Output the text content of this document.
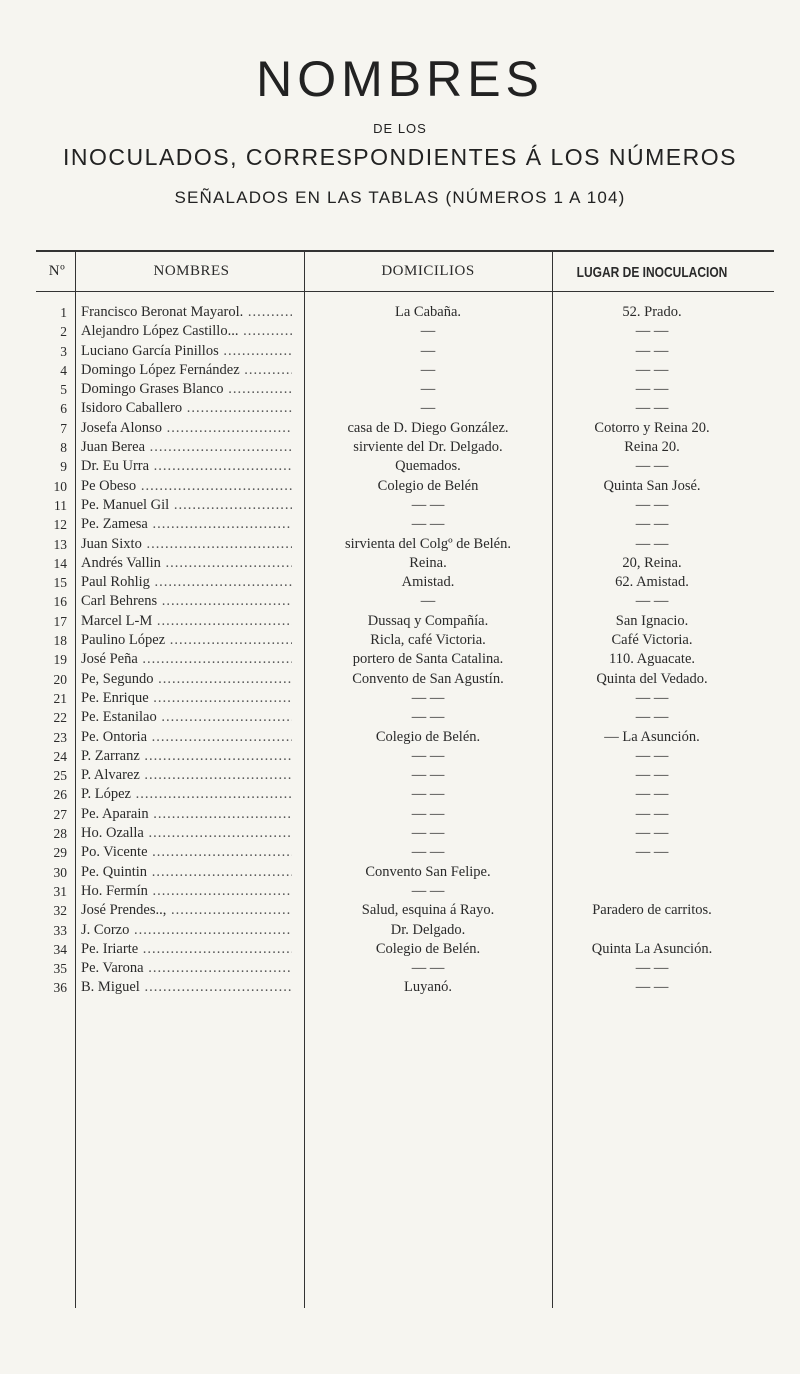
NOMBRES
DE LOS
INOCULADOS, CORRESPONDIENTES Á LOS NÚMEROS
SEÑALADOS EN LAS TABLAS (NÚMEROS 1 A 104)
Nº	NOMBRES	DOMICILIOS	LUGAR DE INOCULACION
1 Francisco Beronat Mayarol. .....	La Cabaña.	52. Prado.
2 Alejandro López Castillo... .....	—	— —
3 Luciano García Pinillos .....	—	— —
4 Domingo López Fernández .....	—	— —
5 Domingo Grases Blanco .....	—	— —
6 Isidoro Caballero .....	—	— —
7 Josefa Alonso .....	casa de D. Diego González.	Cotorro y Reina 20.
8 Juan Berea .....	sirviente del Dr. Delgado.	Reina 20.
9 Dr. Eu Urra .....	Quemados.	— —
10 Pe Obeso .....	Colegio de Belén	Quinta San José.
11 Pe. Manuel Gil .....	— —	— —
12 Pe. Zamesa .....	— —	— —
13 Juan Sixto .....	sirvienta del Colgº de Belén.	— —
14 Andrés Vallin .....	Reina.	20, Reina.
15 Paul Rohlig .....	Amistad.	62. Amistad.
16 Carl Behrens .....	—	— —
17 Marcel L-M .....	Dussaq y Compañía.	San Ignacio.
18 Paulino López .....	Ricla, café Victoria.	Café Victoria.
19 José Peña .....	portero de Santa Catalina.	110. Aguacate.
20 Pe, Segundo .....	Convento de San Agustín.	Quinta del Vedado.
21 Pe. Enrique .....	— —	— —
22 Pe. Estanilao .....	— —	— —
23 Pe. Ontoria .....	Colegio de Belén.	— La Asunción.
24 P. Zarranz .....	— —	— —
25 P. Alvarez .....	— —	— —
26 P. López .....	— —	— —
27 Pe. Aparain .....	— —	— —
28 Ho. Ozalla .....	— —	— —
29 Po. Vicente .....	— —	— —
30 Pe. Quintin .....	Convento San Felipe.
31 Ho. Fermín .....	— —
32 José Prendes.., .....	Salud, esquina á Rayo.	Paradero de carritos.
33 J. Corzo .....	Dr. Delgado.
34 Pe. Iriarte .....	Colegio de Belén.	Quinta La Asunción.
35 Pe. Varona .....	— —	— —
36 B. Miguel .....	Luyanó.	— —
